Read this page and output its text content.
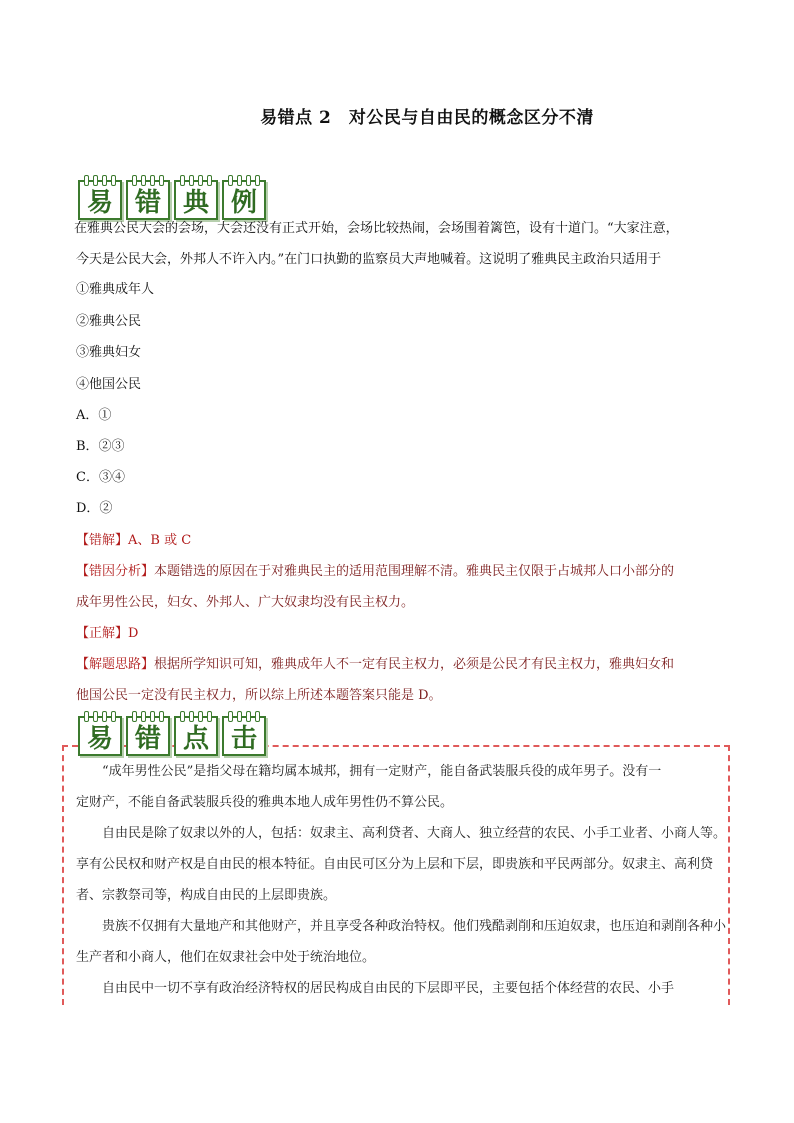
易错点 2　对公民与自由民的概念区分不清
易 错 典 例
在雅典公民大会的会场，大会还没有正式开始，会场比较热闹，会场围着篱笆，设有十道门。“大家注意，
今天是公民大会，外邦人不许入内。”在门口执勤的监察员大声地喊着。这说明了雅典民主政治只适用于
①雅典成年人
②雅典公民
③雅典妇女
④他国公民
A．①
B．②③
C．③④
D．②
【错解】A、B 或 C
【错因分析】本题错选的原因在于对雅典民主的适用范围理解不清。雅典民主仅限于占城邦人口小部分的
成年男性公民，妇女、外邦人、广大奴隶均没有民主权力。
【正解】D
【解题思路】根据所学知识可知，雅典成年人不一定有民主权力，必须是公民才有民主权力，雅典妇女和
他国公民一定没有民主权力，所以综上所述本题答案只能是 D。
易 错 点 击
“成年男性公民”是指父母在籍均属本城邦，拥有一定财产，能自备武装服兵役的成年男子。没有一
定财产，不能自备武装服兵役的雅典本地人成年男性仍不算公民。
自由民是除了奴隶以外的人，包括：奴隶主、高利贷者、大商人、独立经营的农民、小手工业者、小商人等。享有公民权和财产权是自由民的根本特征。自由民可区分为上层和下层，即贵族和平民两部分。奴隶主、高利贷者、宗教祭司等，构成自由民的上层即贵族。
贵族不仅拥有大量地产和其他财产，并且享受各种政治特权。他们残酷剥削和压迫奴隶，也压迫和剥削各种小生产者和小商人，他们在奴隶社会中处于统治地位。
自由民中一切不享有政治经济特权的居民构成自由民的下层即平民，主要包括个体经营的农民、小手
